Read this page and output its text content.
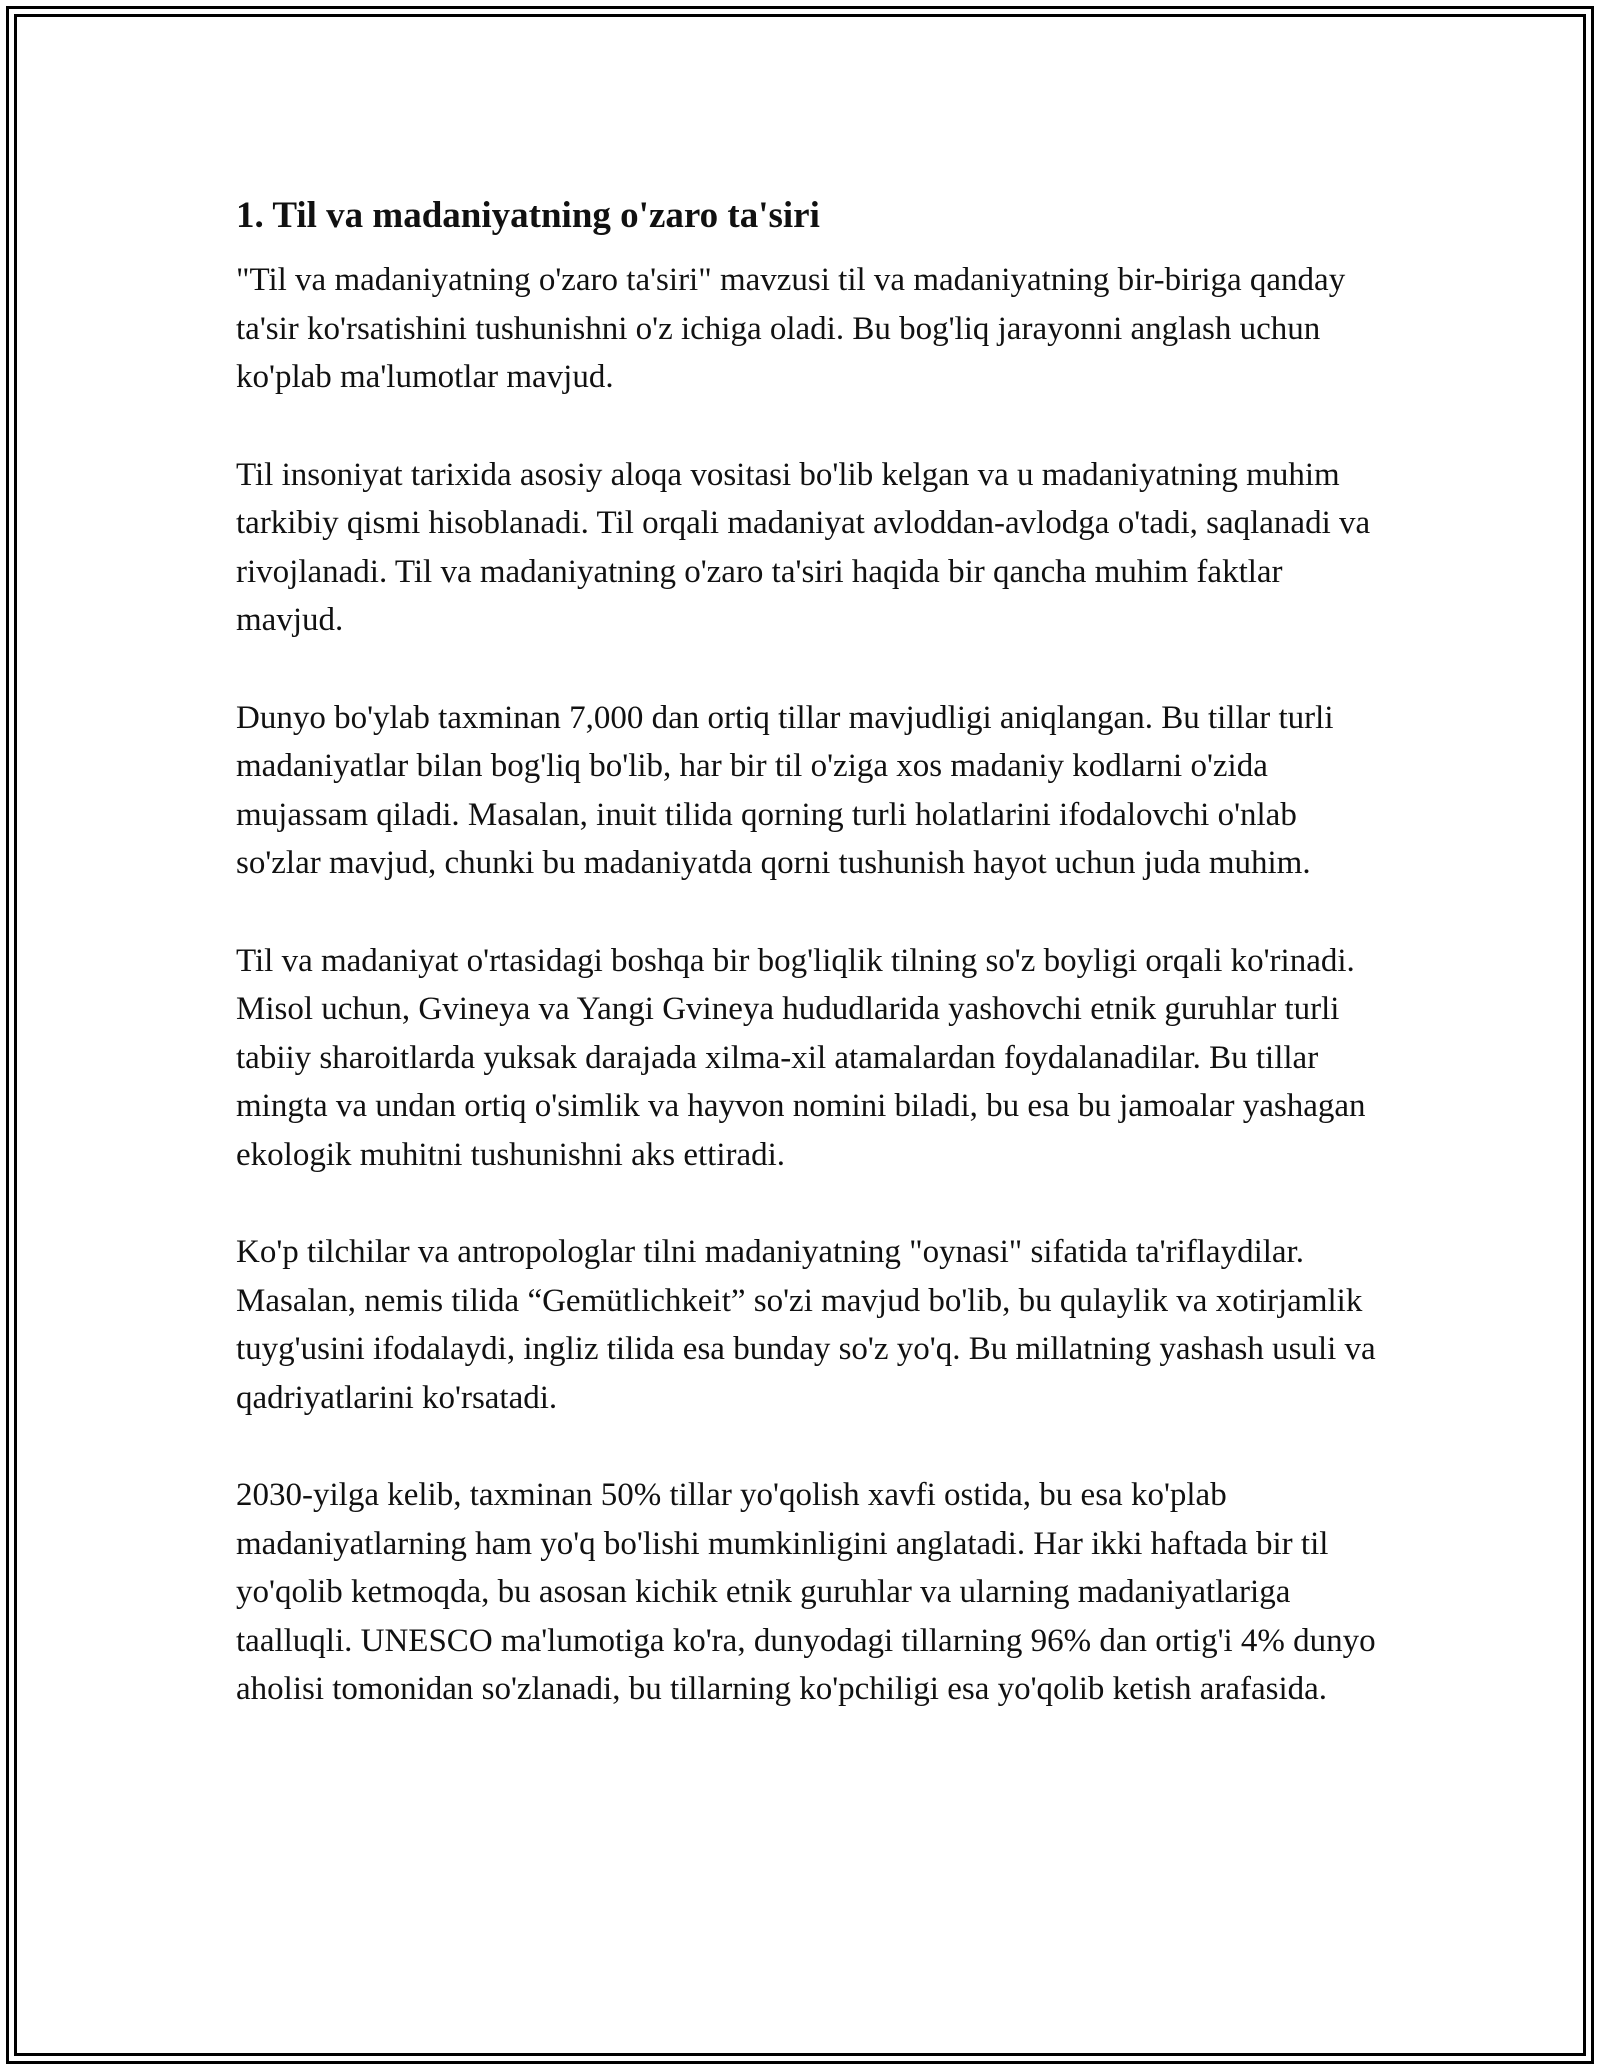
1. Til va madaniyatning o'zaro ta'siri

"Til va madaniyatning o'zaro ta'siri" mavzusi til va madaniyatning bir-biriga qanday ta'sir ko'rsatishini tushunishni o'z ichiga oladi. Bu bog'liq jarayonni anglash uchun ko'plab ma'lumotlar mavjud.

Til insoniyat tarixida asosiy aloqa vositasi bo'lib kelgan va u madaniyatning muhim tarkibiy qismi hisoblanadi. Til orqali madaniyat avloddan-avlodga o'tadi, saqlanadi va rivojlanadi. Til va madaniyatning o'zaro ta'siri haqida bir qancha muhim faktlar mavjud.

Dunyo bo'ylab taxminan 7,000 dan ortiq tillar mavjudligi aniqlangan. Bu tillar turli madaniyatlar bilan bog'liq bo'lib, har bir til o'ziga xos madaniy kodlarni o'zida mujassam qiladi. Masalan, inuit tilida qorning turli holatlarini ifodalovchi o'nlab so'zlar mavjud, chunki bu madaniyatda qorni tushunish hayot uchun juda muhim.

Til va madaniyat o'rtasidagi boshqa bir bog'liqlik tilning so'z boyligi orqali ko'rinadi. Misol uchun, Gvineya va Yangi Gvineya hududlarida yashovchi etnik guruhlar turli tabiiy sharoitlarda yuksak darajada xilma-xil atamalardan foydalanadilar. Bu tillar mingta va undan ortiq o'simlik va hayvon nomini biladi, bu esa bu jamoalar yashagan ekologik muhitni tushunishni aks ettiradi.

Ko'p tilchilar va antropologlar tilni madaniyatning "oynasi" sifatida ta'riflaydilar. Masalan, nemis tilida “Gemütlichkeit” so'zi mavjud bo'lib, bu qulaylik va xotirjamlik tuyg'usini ifodalaydi, ingliz tilida esa bunday so'z yo'q. Bu millatning yashash usuli va qadriyatlarini ko'rsatadi.

2030-yilga kelib, taxminan 50% tillar yo'qolish xavfi ostida, bu esa ko'plab madaniyatlarning ham yo'q bo'lishi mumkinligini anglatadi. Har ikki haftada bir til yo'qolib ketmoqda, bu asosan kichik etnik guruhlar va ularning madaniyatlariga taalluqli. UNESCO ma'lumotiga ko'ra, dunyodagi tillarning 96% dan ortig'i 4% dunyo aholisi tomonidan so'zlanadi, bu tillarning ko'pchiligi esa yo'qolib ketish arafasida.
